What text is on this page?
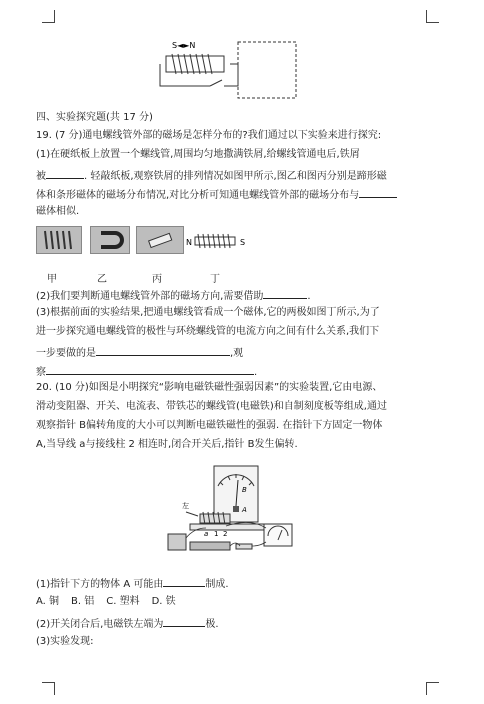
S◄►N
四、实验探究题(共 17 分)
19. (7 分)通电螺线管外部的磁场是怎样分布的?我们通过以下实验来进行探究:
(1)在硬纸板上放置一个螺线管,周围均匀地撒满铁屑,给螺线管通电后,铁屑
被	. 轻敲纸板,观察铁屑的排列情况如图甲所示,图乙和图丙分别是蹄形磁
体和条形磁体的磁场分布情况,对比分析可知通电螺线管外部的磁场分布与
磁体相似.
N	S
甲	乙	丙	丁
(2)我们要判断通电螺线管外部的磁场方向,需要借助	.
(3)根据前面的实验结果,把通电螺线管看成一个磁体,它的两极如图丁所示,为了
进一步探究通电螺线管的极性与环绕螺线管的电流方向之间有什么关系,我们下
一步要做的是	,观
察	.
20. (10 分)如图是小明探究“影响电磁铁磁性强弱因素”的实验装置,它由电源、
滑动变阻器、开关、电流表、带铁芯的螺线管(电磁铁)和自制刻度板等组成,通过
观察指针 B偏转角度的大小可以判断电磁铁磁性的强弱. 在指针下方固定一物体
A,当导线 a与接线柱 2 相连时,闭合开关后,指针 B发生偏转.
B
A
左
a 1 2
(1)指针下方的物体 A 可能由	制成.
A. 铜 B. 铝 C. 塑料 D. 铁
(2)开关闭合后,电磁铁左端为	极.
(3)实验发现:
